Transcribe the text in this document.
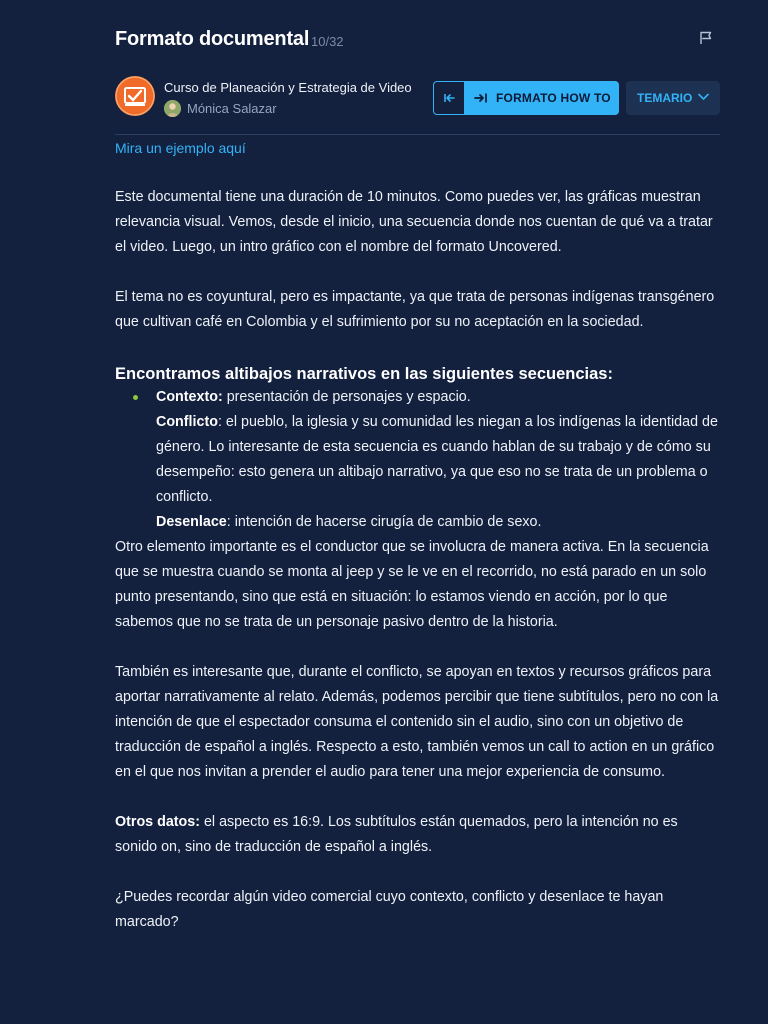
Formato documental 10/32
Curso de Planeación y Estrategia de Video
Mónica Salazar
FORMATO HOW TO TEMARIO
Mira un ejemplo aquí

Este documental tiene una duración de 10 minutos. Como puedes ver, las gráficas muestran relevancia visual. Vemos, desde el inicio, una secuencia donde nos cuentan de qué va a tratar el video. Luego, un intro gráfico con el nombre del formato Uncovered.

El tema no es coyuntural, pero es impactante, ya que trata de personas indígenas transgénero que cultivan café en Colombia y el sufrimiento por su no aceptación en la sociedad.

Encontramos altibajos narrativos en las siguientes secuencias:
Contexto: presentación de personajes y espacio.
Conflicto: el pueblo, la iglesia y su comunidad les niegan a los indígenas la identidad de género. Lo interesante de esta secuencia es cuando hablan de su trabajo y de cómo su desempeño: esto genera un altibajo narrativo, ya que eso no se trata de un problema o conflicto.
Desenlace: intención de hacerse cirugía de cambio de sexo.

Otro elemento importante es el conductor que se involucra de manera activa. En la secuencia que se muestra cuando se monta al jeep y se le ve en el recorrido, no está parado en un solo punto presentando, sino que está en situación: lo estamos viendo en acción, por lo que sabemos que no se trata de un personaje pasivo dentro de la historia.

También es interesante que, durante el conflicto, se apoyan en textos y recursos gráficos para aportar narrativamente al relato. Además, podemos percibir que tiene subtítulos, pero no con la intención de que el espectador consuma el contenido sin el audio, sino con un objetivo de traducción de español a inglés. Respecto a esto, también vemos un call to action en un gráfico en el que nos invitan a prender el audio para tener una mejor experiencia de consumo.

Otros datos: el aspecto es 16:9. Los subtítulos están quemados, pero la intención no es sonido on, sino de traducción de español a inglés.

¿Puedes recordar algún video comercial cuyo contexto, conflicto y desenlace te hayan marcado?
